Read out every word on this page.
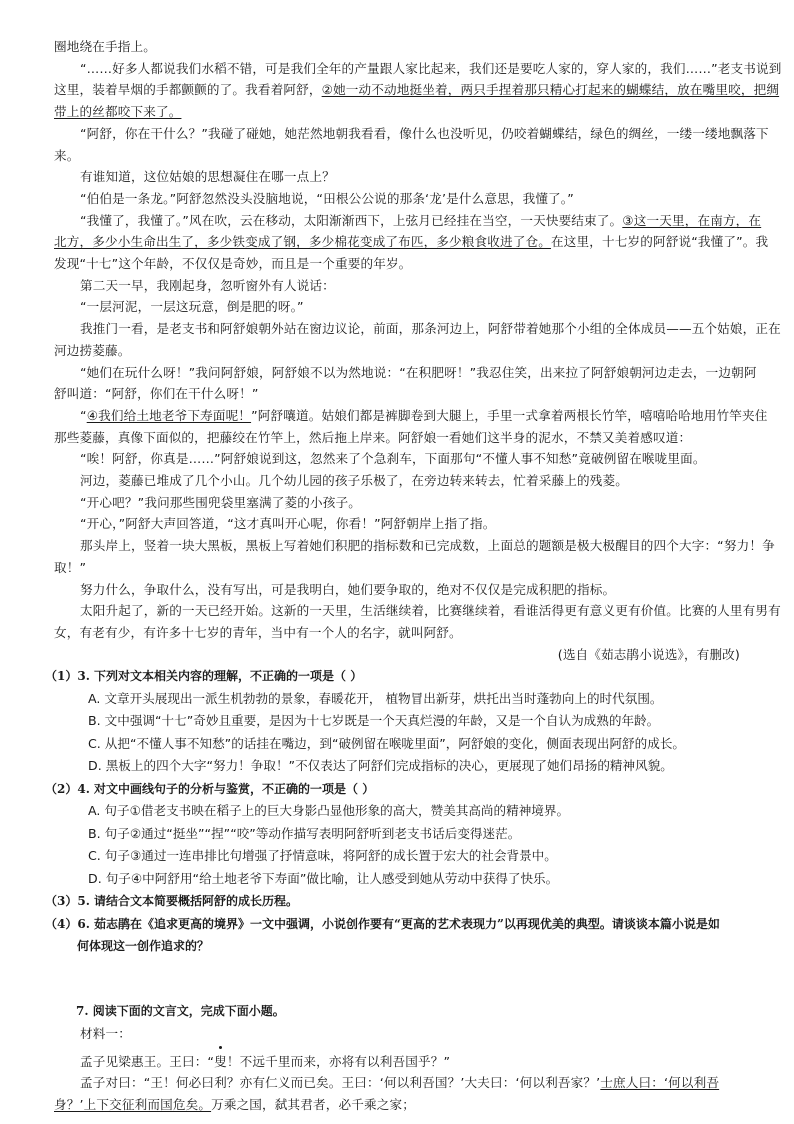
圈地绕在手指上。
“……好多人都说我们水稻不错，可是我们全年的产量跟人家比起来，我们还是要吃人家的，穿人家的，我们……”老支书说到
这里，装着旱烟的手都颤颤的了。我看着阿舒，②她一动不动地挺坐着，两只手捏着那只精心打起来的蝴蝶结，放在嘴里咬，把绸
带上的丝都咬下来了。
“阿舒，你在干什么？”我碰了碰她，她茫然地朝我看看，像什么也没听见，仍咬着蝴蝶结，绿色的绸丝，一缕一缕地飘落下
来。
有谁知道，这位姑娘的思想凝住在哪一点上？
“伯伯是一条龙。”阿舒忽然没头没脑地说，“田根公公说的那条‘龙’是什么意思，我懂了。”
“我懂了，我懂了。”风在吹，云在移动，太阳渐渐西下，上弦月已经挂在当空，一天快要结束了。③这一天里，在南方，在
北方，多少小生命出生了，多少铁变成了钢，多少棉花变成了布匹，多少粮食收进了仓。在这里，十七岁的阿舒说“我懂了”。我
发现“十七”这个年龄，不仅仅是奇妙，而且是一个重要的年岁。
第二天一早，我刚起身，忽听窗外有人说话：
“一层河泥，一层这玩意，倒是肥的呀。”
我推门一看，是老支书和阿舒娘朝外站在窗边议论，前面，那条河边上，阿舒带着她那个小组的全体成员——五个姑娘，正在
河边捞菱藤。
“她们在玩什么呀！”我问阿舒娘，阿舒娘不以为然地说：“在积肥呀！”我忍住笑，出来拉了阿舒娘朝河边走去，一边朝阿
舒叫道：“阿舒，你们在干什么呀！”
“④我们给土地老爷下寿面呢！”阿舒嚷道。姑娘们都是裤脚卷到大腿上，手里一式拿着两根长竹竿，嘻嘻哈哈地用竹竿夹住
那些菱藤，真像下面似的，把藤绞在竹竿上，然后拖上岸来。阿舒娘一看她们这半身的泥水，不禁又美着感叹道：
“唉！阿舒，你真是……”阿舒娘说到这，忽然来了个急刹车，下面那句“不懂人事不知愁”竟破例留在喉咙里面。
河边，菱藤已堆成了几个小山。几个幼儿园的孩子乐极了，在旁边转来转去，忙着采藤上的残菱。
“开心吧？”我问那些围兜袋里塞满了菱的小孩子。
“开心，”阿舒大声回答道，“这才真叫开心呢，你看！”阿舒朝岸上指了指。
那头岸上，竖着一块大黑板，黑板上写着她们积肥的指标数和已完成数，上面总的题额是极大极醒目的四个大字：“努力！争
取！”
努力什么，争取什么，没有写出，可是我明白，她们要争取的，绝对不仅仅是完成积肥的指标。
太阳升起了，新的一天已经开始。这新的一天里，生活继续着，比赛继续着，看谁活得更有意义更有价值。比赛的人里有男有
女，有老有少，有许多十七岁的青年，当中有一个人的名字，就叫阿舒。
(选自《茹志鹃小说选》，有删改)
（1）3. 下列对文本相关内容的理解，不正确的一项是（ ）
A. 文章开头展现出一派生机勃勃的景象，春暖花开， 植物冒出新芽，烘托出当时蓬勃向上的时代氛围。
B. 文中强调“十七”奇妙且重要，是因为十七岁既是一个天真烂漫的年龄，又是一个自认为成熟的年龄。
C. 从把“不懂人事不知愁”的话挂在嘴边，到“破例留在喉咙里面”，阿舒娘的变化，侧面表现出阿舒的成长。
D. 黑板上的四个大字“努力！争取！”不仅表达了阿舒们完成指标的决心，更展现了她们昂扬的精神风貌。
（2）4. 对文中画线句子的分析与鉴赏，不正确的一项是（ ）
A. 句子①借老支书映在稻子上的巨大身影凸显他形象的高大，赞美其高尚的精神境界。
B. 句子②通过“挺坐”“捏”“咬”等动作描写表明阿舒听到老支书话后变得迷茫。
C. 句子③通过一连串排比句增强了抒情意味，将阿舒的成长置于宏大的社会背景中。
D. 句子④中阿舒用“给土地老爷下寿面”做比喻，让人感受到她从劳动中获得了快乐。
（3）5. 请结合文本简要概括阿舒的成长历程。
（4）6. 茹志鹃在《追求更高的境界》一文中强调，小说创作要有“更高的艺术表现力”以再现优美的典型。请谈谈本篇小说是如
何体现这一创作追求的？
7. 阅读下面的文言文，完成下面小题。
材料一：
孟子见梁惠王。王曰：“叟！不远千里而来，亦将有以利吾国乎？”
孟子对曰：“王！何必曰利？亦有仁义而已矣。王曰：‘何以利吾国？’大夫曰：‘何以利吾家？’士庶人曰：‘何以利吾
身？’上下交征利而国危矣。万乘之国，弑其君者，必千乘之家；
